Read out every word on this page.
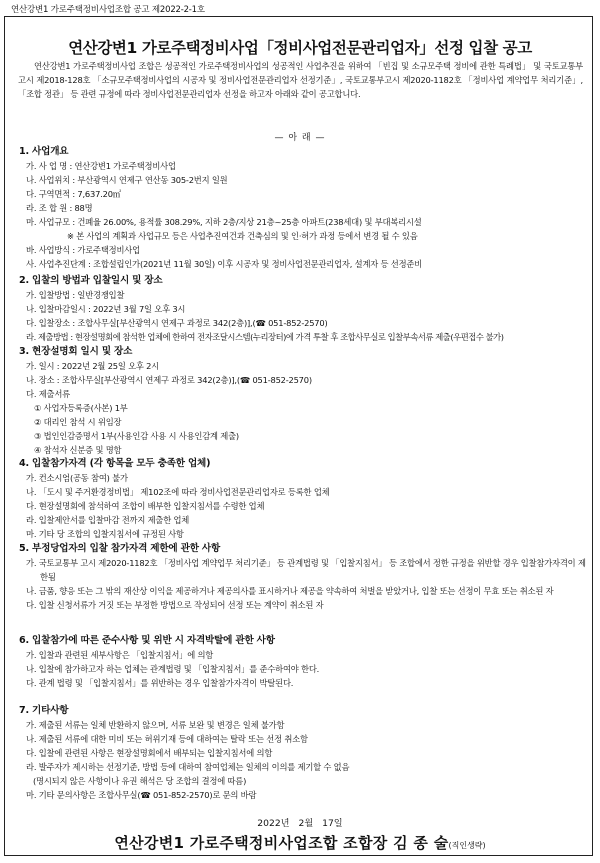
연산강변1 가로주택정비사업조합 공고 제2022-2-1호
연산강변1 가로주택정비사업「정비사업전문관리업자」선정 입찰 공고
연산강변1 가로주택정비사업 조합은 성공적인 가로주택정비사업의 성공적인 사업추진을 위하여 「빈집 및 소규모주택 정비에 관한 특례법」 및 국토교통부고시 제2018-128호 「소규모주택정비사업의 시공자 및 정비사업전문관리업자 선정기준」, 국토교통부고시 제2020-1182호 「정비사업 계약업무 처리기준」, 「조합 정관」 등 관련 규정에 따라 정비사업전문관리업자 선정을 하고자 아래와 같이 공고합니다.
— 아 래 —
1. 사업개요
가. 사 업 명 : 연산강변1 가로주택정비사업
나. 사업위치 : 부산광역시 연제구 연산동 305-2번지 일원
다. 구역면적 : 7,637.20㎡
라. 조 합 원 : 88명
마. 사업규모 : 건폐율 26.00%, 용적률 308.29%, 지하 2층/지상 21층~25층 아파트(238세대) 및 부대복리시설
※ 본 사업의 계획과 사업규모 등은 사업추진여건과 건축심의 및 인·허가 과정 등에서 변경 될 수 있음
바. 사업방식 : 가로주택정비사업
사. 사업추진단계 : 조합설립인가(2021년 11월 30일) 이후 시공자 및 정비사업전문관리업자, 설계자 등 선정준비
2. 입찰의 방법과 입찰일시 및 장소
가. 입찰방법 : 일반경쟁입찰
나. 입찰마감일시 : 2022년 3월 7일 오후 3시
다. 입찰장소 : 조합사무실[부산광역시 연제구 과정로 342(2층)],(☎ 051-852-2570)
라. 제출방법 : 현장설명회에 참석한 업체에 한하여 전자조달시스템(누리장터)에 가격 투찰 후 조합사무실로 입찰부속서류 제출(우편접수 불가)
3. 현장설명회 일시 및 장소
가. 일시 : 2022년 2월 25일 오후 2시
나. 장소 : 조합사무실[부산광역시 연제구 과정로 342(2층)],(☎ 051-852-2570)
다. 제출서류
① 사업자등록증(사본) 1부
② 대리인 참석 시 위임장
③ 법인인감증명서 1부(사용인감 사용 시 사용인감계 제출)
④ 참석자 신분증 및 명함
4. 입찰참가자격 (각 항목을 모두 충족한 업체)
가. 컨소시엄(공동 참여) 불가
나. 「도시 및 주거환경정비법」 제102조에 따라 정비사업전문관리업자로 등록한 업체
다. 현장설명회에 참석하여 조합이 배부한 입찰지침서를 수령한 업체
라. 입찰제안서를 입찰마감 전까지 제출한 업체
마. 기타 당 조합의 입찰지침서에 규정된 사항
5. 부정당업자의 입찰 참가자격 제한에 관한 사항
가. 국토교통부 고시 제2020-1182호 「정비사업 계약업무 처리기준」 등 관계법령 및 「입찰지침서」 등 조합에서 정한 규정을 위반할 경우 입찰참가자격이 제한됨
나. 금품, 향응 또는 그 밖의 재산상 이익을 제공하거나 제공의사를 표시하거나 제공을 약속하여 처벌을 받았거나, 입찰 또는 선정이 무효 또는 취소된 자
다. 입찰 신청서류가 거짓 또는 부정한 방법으로 작성되어 선정 또는 계약이 취소된 자
6. 입찰참가에 따른 준수사항 및 위반 시 자격박탈에 관한 사항
가. 입찰과 관련된 세부사항은 「입찰지침서」에 의함
나. 입찰에 참가하고자 하는 업체는 관계법령 및 「입찰지침서」를 준수하여야 한다.
다. 관계 법령 및 「입찰지침서」를 위반하는 경우 입찰참가자격이 박탈된다.
7. 기타사항
가. 제출된 서류는 일체 반환하지 않으며, 서류 보완 및 변경은 일체 불가함
나. 제출된 서류에 대한 미비 또는 허위기재 등에 대하여는 탈락 또는 선정 취소함
다. 입찰에 관련된 사항은 현장설명회에서 배부되는 입찰지침서에 의함
라. 발주자가 제시하는 선정기준, 방법 등에 대하여 참여업체는 일체의 이의를 제기할 수 없음
(명시되지 않은 사항이나 유권 해석은 당 조합의 결정에 따름)
마. 기타 문의사항은 조합사무실(☎ 051-852-2570)로 문의 바람
2022년 2월 17일
연산강변1 가로주택정비사업조합 조합장 김 종 술(직인생략)
